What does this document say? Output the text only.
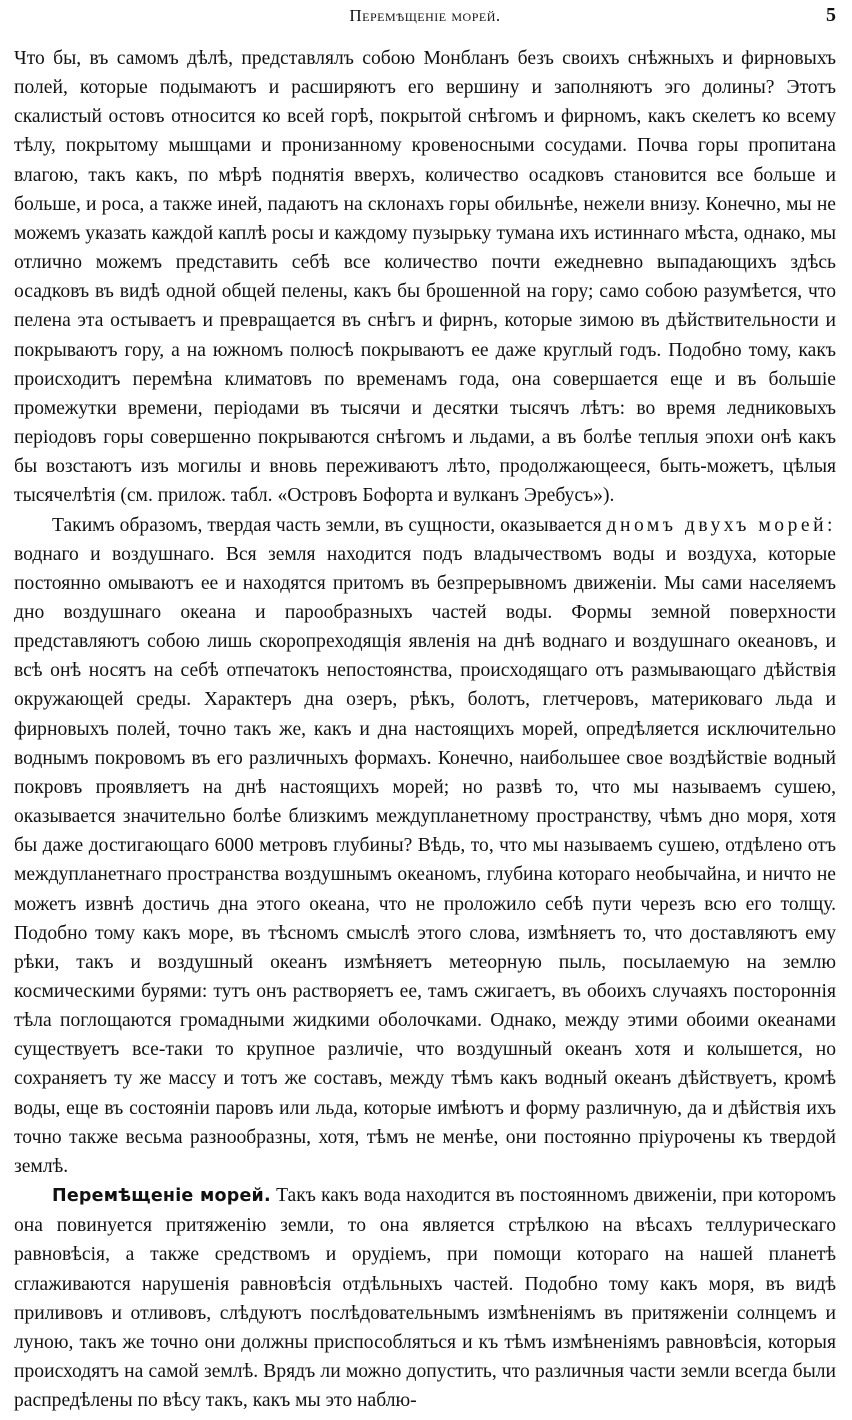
Перемѣщенie морей.	5

Что бы, въ самомъ дѣлѣ, представлялъ собою Монбланъ безъ своихъ снѣжныхъ и фирновыхъ полей, которые подымаютъ и расширяютъ его вершину и заполняютъ эго долины? Этотъ скалистый остовъ относится ко всей горѣ, покрытой снѣгомъ и фирномъ, какъ скелетъ ко всему тѣлу, покрытому мышцами и пронизанному кровеносными сосудами. Почва горы пропитана влагою, такъ какъ, по мѣрѣ поднятія вверхъ, количество осадковъ становится все больше и больше, и роса, а также иней, падаютъ на склонахъ горы обильнѣе, нежели внизу. Конечно, мы не можемъ указать каждой каплѣ росы и каждому пузырьку тумана ихъ истиннаго мѣста, однако, мы отлично можемъ представить себѣ все количество почти ежедневно выпадающихъ здѣсь осадковъ въ видѣ одной общей пелены, какъ бы брошенной на гору; само собою разумѣется, что пелена эта остываетъ и превращается въ снѣгъ и фирнъ, которые зимою въ дѣйствительности и покрываютъ гору, а на южномъ полюсѣ покрываютъ ее даже круглый годъ. Подобно тому, какъ происходитъ перемѣна климатовъ по временамъ года, она совершается еще и въ большіе промежутки времени, періодами въ тысячи и десятки тысячъ лѣтъ: во время ледниковыхъ періодовъ горы совершенно покрываются снѣгомъ и льдами, а въ болѣе теплыя эпохи онѣ какъ бы возстаютъ изъ могилы и вновь переживаютъ лѣто, продолжающееся, быть-можетъ, цѣлыя тысячелѣтія (см. прилож. табл. «Островъ Бофорта и вулканъ Эребусъ»).

Такимъ образомъ, твердая часть земли, въ сущности, оказывается дномъ двухъ морей: воднаго и воздушнаго. Вся земля находится подъ владычествомъ воды и воздуха, которые постоянно омываютъ ее и находятся притомъ въ безпрерывномъ движеніи. Мы сами населяемъ дно воздушнаго океана и парообразныхъ частей воды. Формы земной поверхности представляютъ собою лишь скоропреходящія явленія на днѣ воднаго и воздушнаго океановъ, и всѣ онѣ носятъ на себѣ отпечатокъ непостоянства, происходящаго отъ размывающаго дѣйствія окружающей среды. Характеръ дна озеръ, рѣкъ, болотъ, глетчеровъ, материковаго льда и фирновыхъ полей, точно такъ же, какъ и дна настоящихъ морей, опредѣляется исключительно воднымъ покровомъ въ его различныхъ формахъ. Конечно, наибольшее свое воздѣйствіе водный покровъ проявляетъ на днѣ настоящихъ морей; но развѣ то, что мы называемъ сушею, оказывается значительно болѣе близкимъ междупланетному пространству, чѣмъ дно моря, хотя бы даже достигающаго 6000 метровъ глубины? Вѣдь, то, что мы называемъ сушею, отдѣлено отъ междупланетнаго пространства воздушнымъ океаномъ, глубина котораго необычайна, и ничто не можетъ извнѣ достичь дна этого океана, что не проложило себѣ пути черезъ всю его толщу. Подобно тому какъ море, въ тѣсномъ смыслѣ этого слова, измѣняетъ то, что доставляютъ ему рѣки, такъ и воздушный океанъ измѣняетъ метеорную пыль, посылаемую на землю космическими бурями: тутъ онъ растворяетъ ее, тамъ сжигаетъ, въ обоихъ случаяхъ постороннія тѣла поглощаются громадными жидкими оболочками. Однако, между этими обоими океанами существуетъ все-таки то крупное различіе, что воздушный океанъ хотя и колышется, но сохраняетъ ту же массу и тотъ же составъ, между тѣмъ какъ водный океанъ дѣйствуетъ, кромѣ воды, еще въ состояніи паровъ или льда, которые имѣютъ и форму различную, да и дѣйствія ихъ точно также весьма разнообразны, хотя, тѣмъ не менѣе, они постоянно пріурочены къ твердой землѣ.

Перемѣщенie морей. Такъ какъ вода находится въ постоянномъ движеніи, при которомъ она повинуется притяженію земли, то она является стрѣлкою на вѣсахъ теллурическаго равновѣсія, а также средствомъ и орудіемъ, при помощи котораго на нашей планетѣ сглаживаются нарушенія равновѣсія отдѣльныхъ частей. Подобно тому какъ моря, въ видѣ приливовъ и отливовъ, слѣдуютъ послѣдовательнымъ измѣненіямъ въ притяженіи солнцемъ и луною, такъ же точно они должны приспособляться и къ тѣмъ измѣненіямъ равновѣсія, которыя происходятъ на самой землѣ. Врядъ ли можно допустить, что различныя части земли всегда были распредѣлены по вѣсу такъ, какъ мы это наблю-
